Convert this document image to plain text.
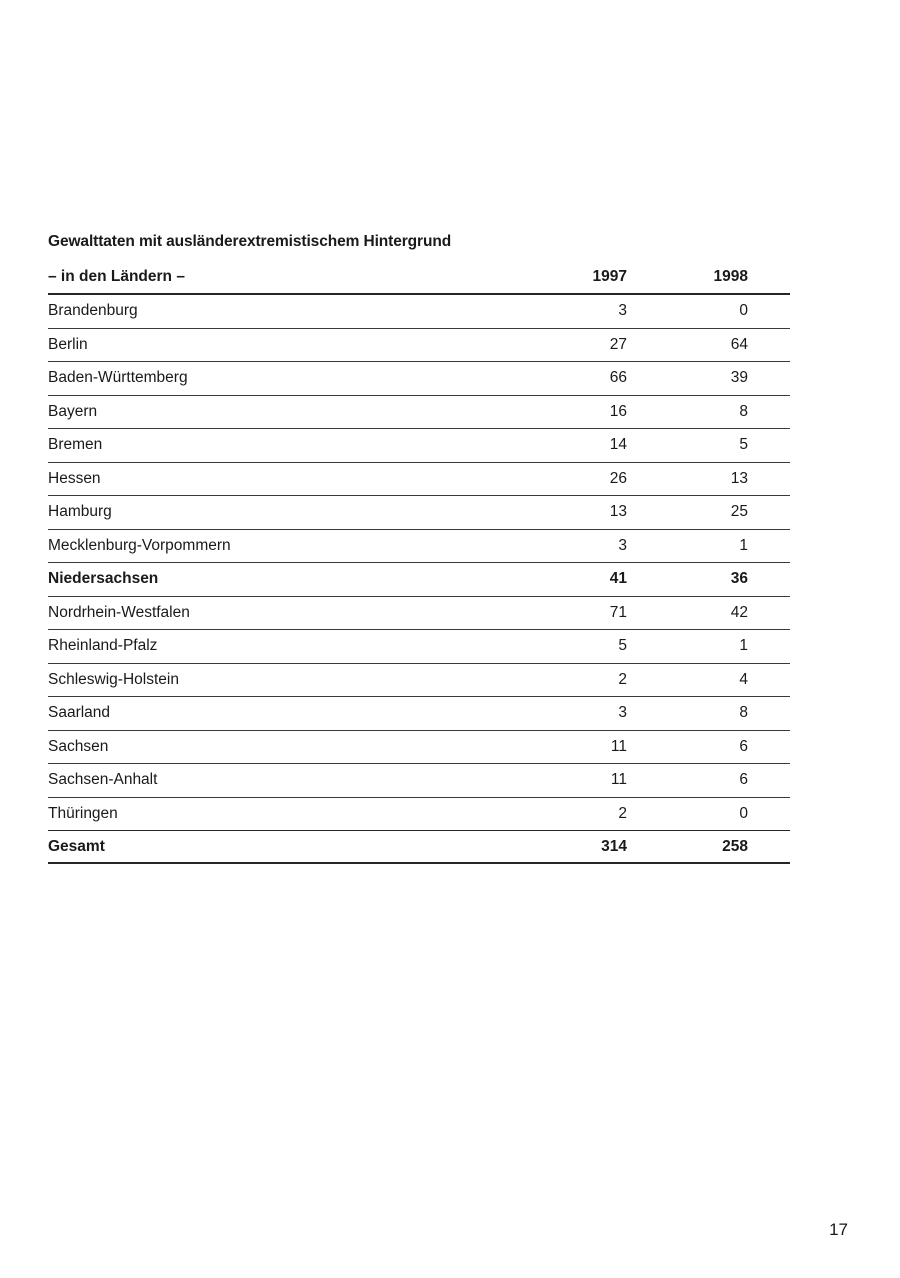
Gewalttaten mit ausländerextremistischem Hintergrund
– in den Ländern –	1997	1998
Brandenburg	3	0
Berlin	27	64
Baden-Württemberg	66	39
Bayern	16	8
Bremen	14	5
Hessen	26	13
Hamburg	13	25
Mecklenburg-Vorpommern	3	1
Niedersachsen	41	36
Nordrhein-Westfalen	71	42
Rheinland-Pfalz	5	1
Schleswig-Holstein	2	4
Saarland	3	8
Sachsen	11	6
Sachsen-Anhalt	11	6
Thüringen	2	0
Gesamt	314	258
17
